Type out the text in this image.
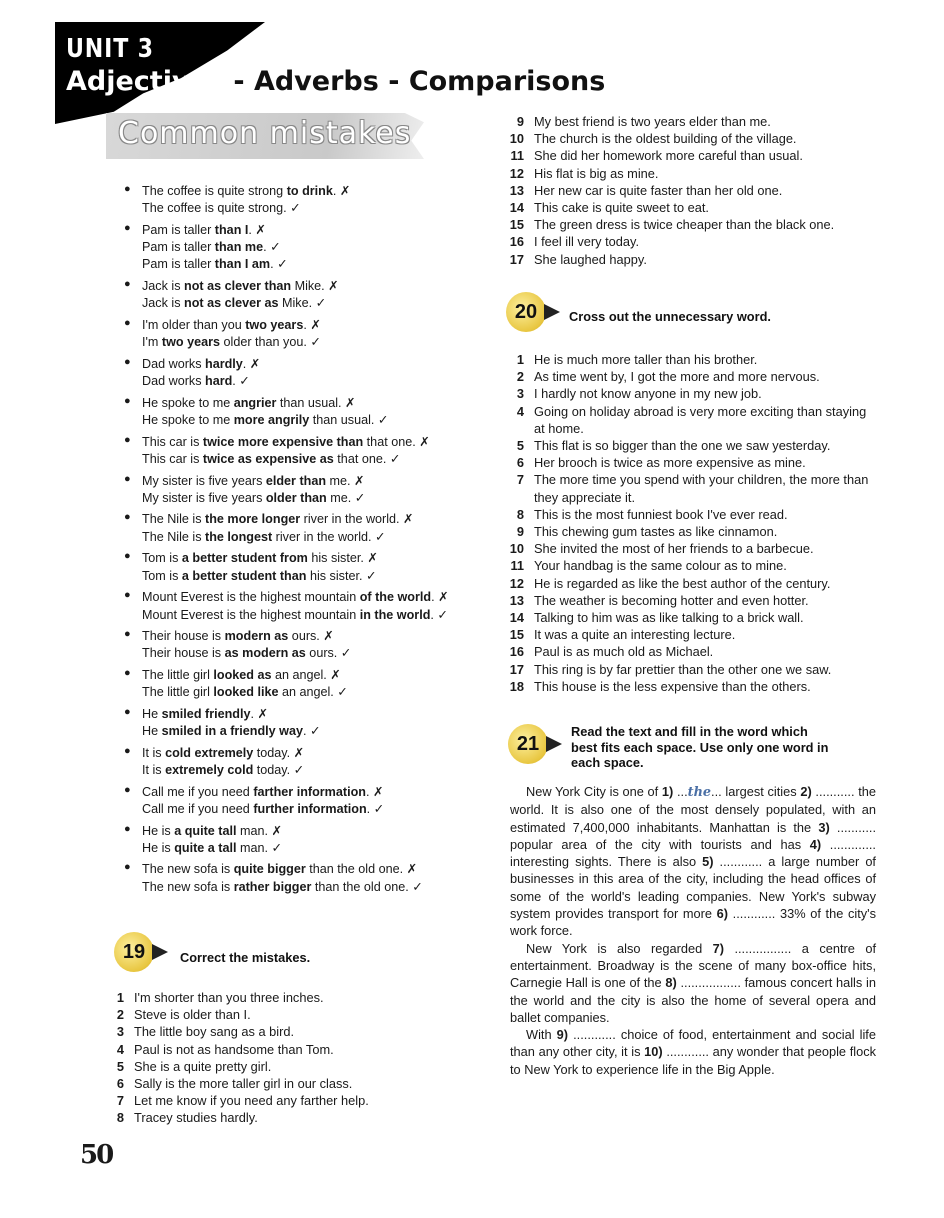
UNIT 3
Adjectives - Adverbs - Comparisons
Common mistakes
● The coffee is quite strong to drink. ✗
The coffee is quite strong. ✓
● Pam is taller than I. ✗
Pam is taller than me. ✓
Pam is taller than I am. ✓
● Jack is not as clever than Mike. ✗
Jack is not as clever as Mike. ✓
● I'm older than you two years. ✗
I'm two years older than you. ✓
● Dad works hardly. ✗
Dad works hard. ✓
● He spoke to me angrier than usual. ✗
He spoke to me more angrily than usual. ✓
● This car is twice more expensive than that one. ✗
This car is twice as expensive as that one. ✓
● My sister is five years elder than me. ✗
My sister is five years older than me. ✓
● The Nile is the more longer river in the world. ✗
The Nile is the longest river in the world. ✓
● Tom is a better student from his sister. ✗
Tom is a better student than his sister. ✓
● Mount Everest is the highest mountain of the world. ✗
Mount Everest is the highest mountain in the world. ✓
● Their house is modern as ours. ✗
Their house is as modern as ours. ✓
● The little girl looked as an angel. ✗
The little girl looked like an angel. ✓
● He smiled friendly. ✗
He smiled in a friendly way. ✓
● It is cold extremely today. ✗
It is extremely cold today. ✓
● Call me if you need farther information. ✗
Call me if you need further information. ✓
● He is a quite tall man. ✗
He is quite a tall man. ✓
● The new sofa is quite bigger than the old one. ✗
The new sofa is rather bigger than the old one. ✓
19	Correct the mistakes.
1 I'm shorter than you three inches.
2 Steve is older than I.
3 The little boy sang as a bird.
4 Paul is not as handsome than Tom.
5 She is a quite pretty girl.
6 Sally is the more taller girl in our class.
7 Let me know if you need any farther help.
8 Tracey studies hardly.
9 My best friend is two years elder than me.
10 The church is the oldest building of the village.
11 She did her homework more careful than usual.
12 His flat is big as mine.
13 Her new car is quite faster than her old one.
14 This cake is quite sweet to eat.
15 The green dress is twice cheaper than the black one.
16 I feel ill very today.
17 She laughed happy.
20	Cross out the unnecessary word.
1 He is much more taller than his brother.
2 As time went by, I got the more and more nervous.
3 I hardly not know anyone in my new job.
4 Going on holiday abroad is very more exciting than staying at home.
5 This flat is so bigger than the one we saw yesterday.
6 Her brooch is twice as more expensive as mine.
7 The more time you spend with your children, the more than they appreciate it.
8 This is the most funniest book I've ever read.
9 This chewing gum tastes as like cinnamon.
10 She invited the most of her friends to a barbecue.
11 Your handbag is the same colour as to mine.
12 He is regarded as like the best author of the century.
13 The weather is becoming hotter and even hotter.
14 Talking to him was as like talking to a brick wall.
15 It was a quite an interesting lecture.
16 Paul is as much old as Michael.
17 This ring is by far prettier than the other one we saw.
18 This house is the less expensive than the others.
21
Read the text and fill in the word which
best fits each space. Use only one word in
each space.

New York City is one of 1) ...the... largest cities 2) ........... the world. It is also one of the most densely populated, with an estimated 7,400,000 inhabitants. Manhattan is the 3) ........... popular area of the city with tourists and has 4) ............. interesting sights. There is also 5) ............ a large number of businesses in this area of the city, including the head offices of some of the world's leading companies. New York's subway system provides transport for more 6) ............ 33% of the city's work force.

New York is also regarded 7) ................ a centre of entertainment. Broadway is the scene of many box-office hits, Carnegie Hall is one of the 8) ................. famous concert halls in the world and the city is also the home of several opera and ballet companies.

With 9) ............ choice of food, entertainment and social life than any other city, it is 10) ............ any wonder that people flock to New York to experience life in the Big Apple.

50
